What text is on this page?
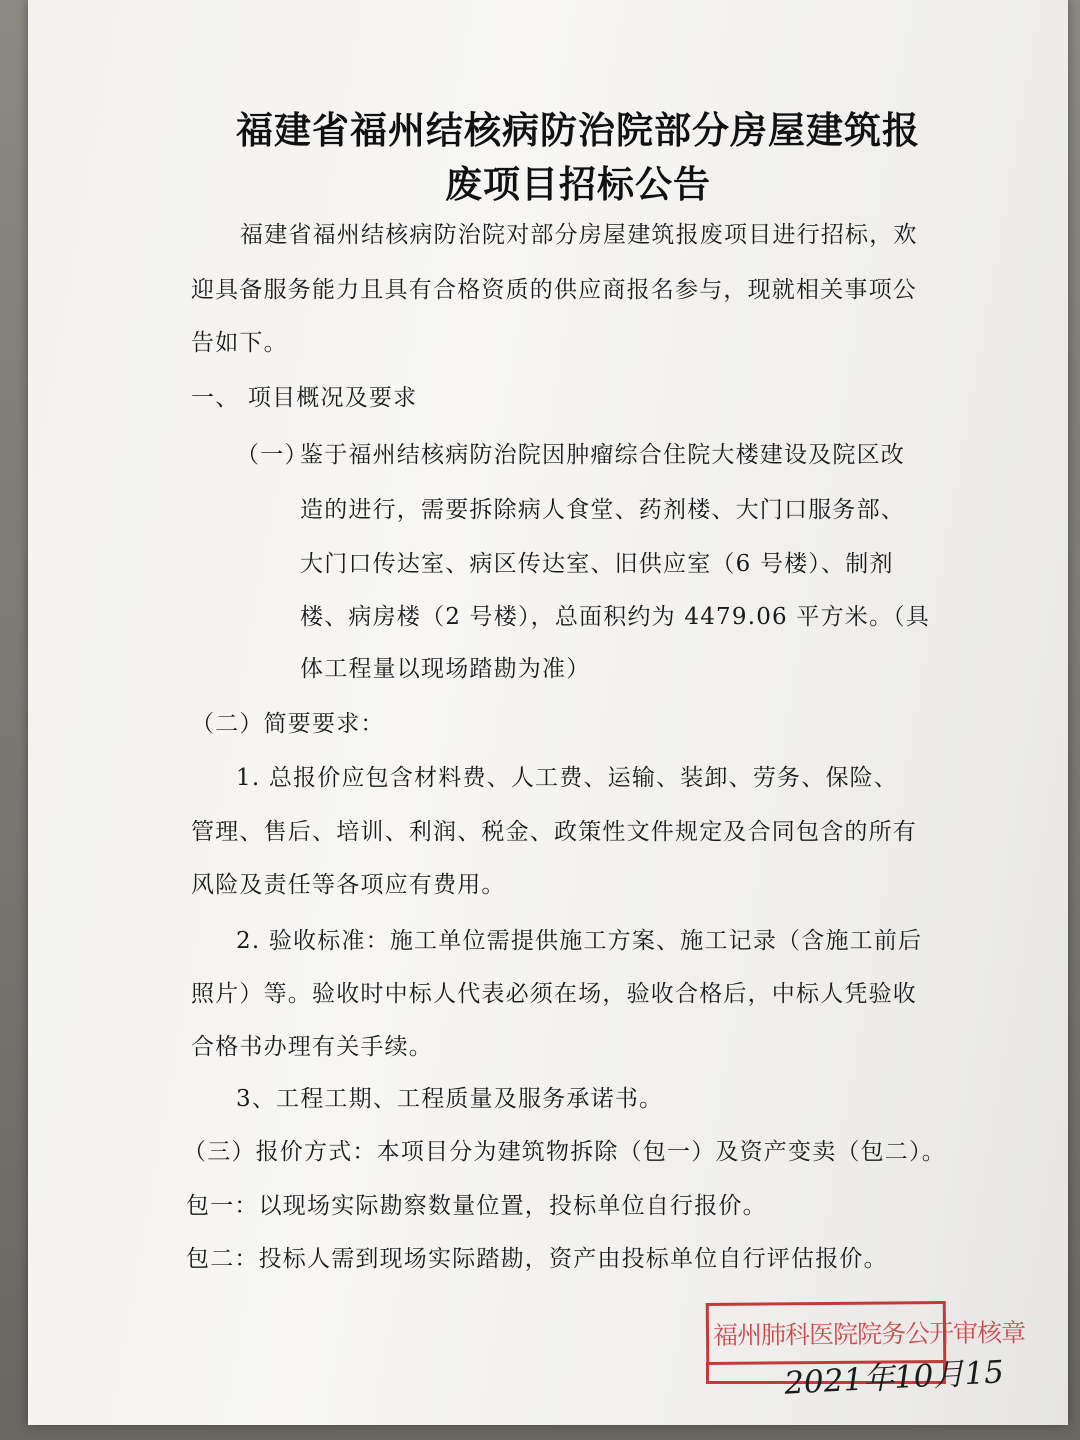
福建省福州结核病防治院部分房屋建筑报
废项目招标公告

福建省福州结核病防治院对部分房屋建筑报废项目进行招标，欢

迎具备服务能力且具有合格资质的供应商报名参与，现就相关事项公

告如下。

一、 项目概况及要求

（一）

鉴于福州结核病防治院因肿瘤综合住院大楼建设及院区改

造的进行，需要拆除病人食堂、药剂楼、大门口服务部、

大门口传达室、病区传达室、旧供应室（6 号楼）、制剂

楼、病房楼（2 号楼），总面积约为 4479.06 平方米。（具

体工程量以现场踏勘为准）

（二）简要要求：

1. 总报价应包含材料费、人工费、运输、装卸、劳务、保险、

管理、售后、培训、利润、税金、政策性文件规定及合同包含的所有

风险及责任等各项应有费用。

2. 验收标准：施工单位需提供施工方案、施工记录（含施工前后

照片）等。验收时中标人代表必须在场，验收合格后，中标人凭验收

合格书办理有关手续。

3、工程工期、工程质量及服务承诺书。

（三）报价方式：本项目分为建筑物拆除（包一）及资产变卖（包二）。

包一：以现场实际勘察数量位置，投标单位自行报价。

包二：投标人需到现场实际踏勘，资产由投标单位自行评估报价。

福州肺科医院院务公开审核章
2021年10月15
